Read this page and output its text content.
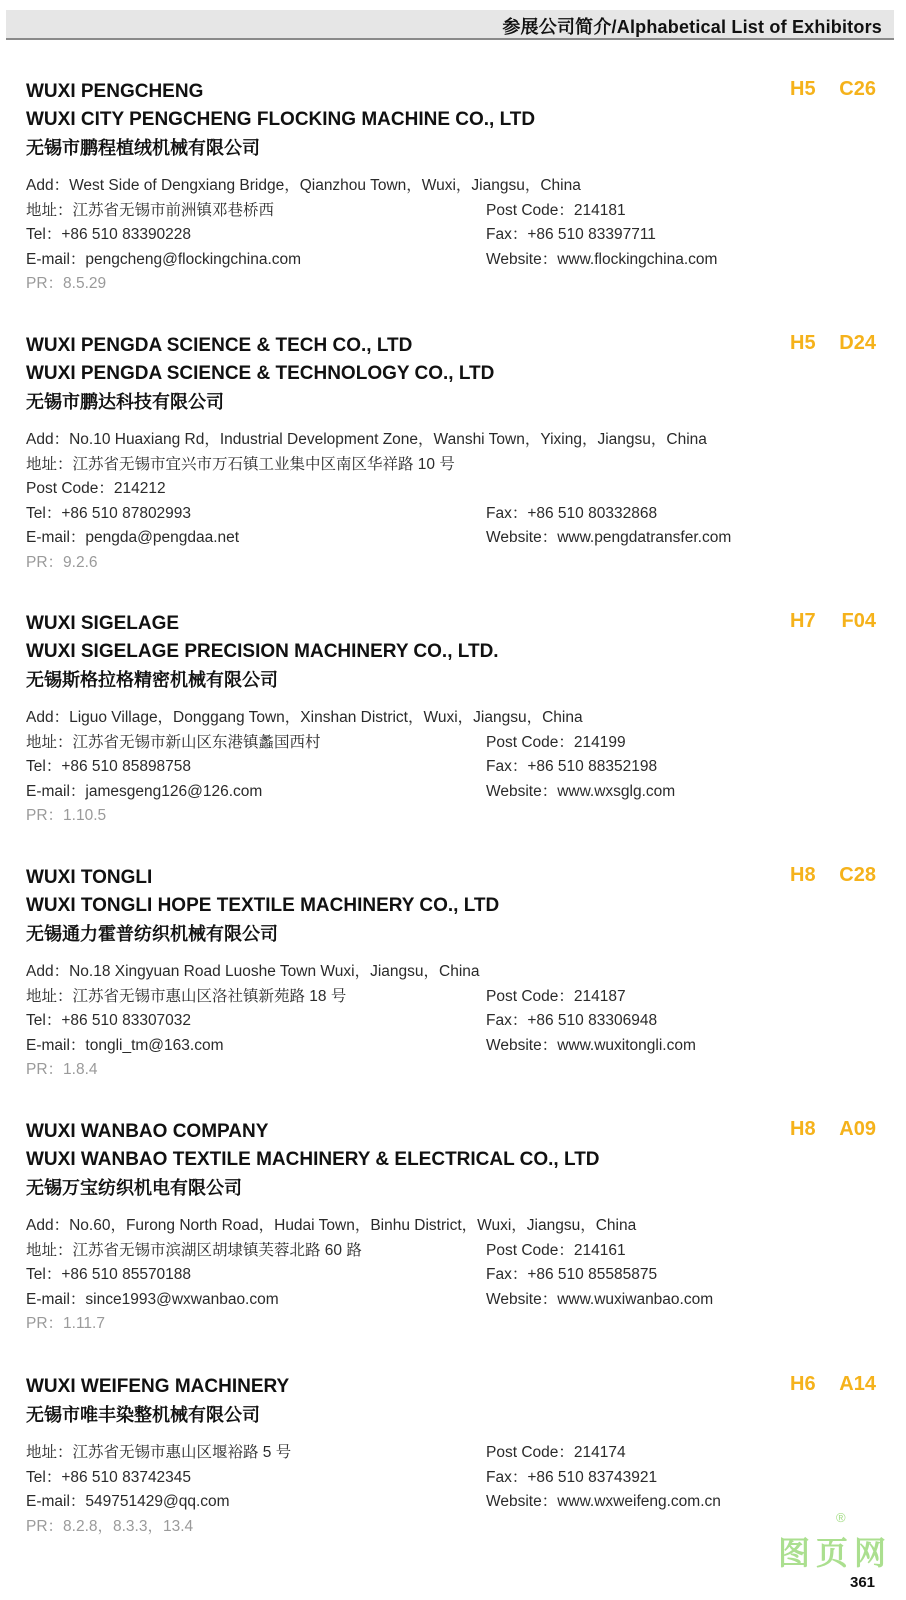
参展公司简介/Alphabetical List of Exhibitors
H5 C26
WUXI PENGCHENG
WUXI CITY PENGCHENG FLOCKING MACHINE CO., LTD
无锡市鹏程植绒机械有限公司
Add：West Side of Dengxiang Bridge，Qianzhou Town，Wuxi，Jiangsu，China
地址：江苏省无锡市前洲镇邓巷桥西	Post Code：214181
Tel：+86 510 83390228	Fax：+86 510 83397711
E-mail：pengcheng@flockingchina.com	Website：www.flockingchina.com
PR：8.5.29
H5 D24
WUXI PENGDA SCIENCE & TECH CO., LTD
WUXI PENGDA SCIENCE & TECHNOLOGY CO., LTD
无锡市鹏达科技有限公司
Add：No.10 Huaxiang Rd，Industrial Development Zone，Wanshi Town，Yixing，Jiangsu，China
地址：江苏省无锡市宜兴市万石镇工业集中区南区华祥路 10 号
Post Code：214212
Tel：+86 510 87802993	Fax：+86 510 80332868
E-mail：pengda@pengdaa.net	Website：www.pengdatransfer.com
PR：9.2.6
H7 F04
WUXI SIGELAGE
WUXI SIGELAGE PRECISION MACHINERY CO., LTD.
无锡斯格拉格精密机械有限公司
Add：Liguo Village，Donggang Town，Xinshan District，Wuxi，Jiangsu，China
地址：江苏省无锡市新山区东港镇蠡国西村	Post Code：214199
Tel：+86 510 85898758	Fax：+86 510 88352198
E-mail：jamesgeng126@126.com	Website：www.wxsglg.com
PR：1.10.5
H8 C28
WUXI TONGLI
WUXI TONGLI HOPE TEXTILE MACHINERY CO., LTD
无锡通力霍普纺织机械有限公司
Add：No.18 Xingyuan Road Luoshe Town Wuxi，Jiangsu，China
地址：江苏省无锡市惠山区洛社镇新苑路 18 号	Post Code：214187
Tel：+86 510 83307032	Fax：+86 510 83306948
E-mail：tongli_tm@163.com	Website：www.wuxitongli.com
PR：1.8.4
H8 A09
WUXI WANBAO COMPANY
WUXI WANBAO TEXTILE MACHINERY & ELECTRICAL CO., LTD
无锡万宝纺织机电有限公司
Add：No.60，Furong North Road，Hudai Town，Binhu District，Wuxi，Jiangsu，China
地址：江苏省无锡市滨湖区胡埭镇芙蓉北路 60 路	Post Code：214161
Tel：+86 510 85570188	Fax：+86 510 85585875
E-mail：since1993@wxwanbao.com	Website：www.wuxiwanbao.com
PR：1.11.7
H6 A14
WUXI WEIFENG MACHINERY
无锡市唯丰染整机械有限公司
地址：江苏省无锡市惠山区堰裕路 5 号	Post Code：214174
Tel：+86 510 83742345	Fax：+86 510 83743921
E-mail：549751429@qq.com	Website：www.wxweifeng.com.cn
PR：8.2.8，8.3.3，13.4	®
图页网
361
